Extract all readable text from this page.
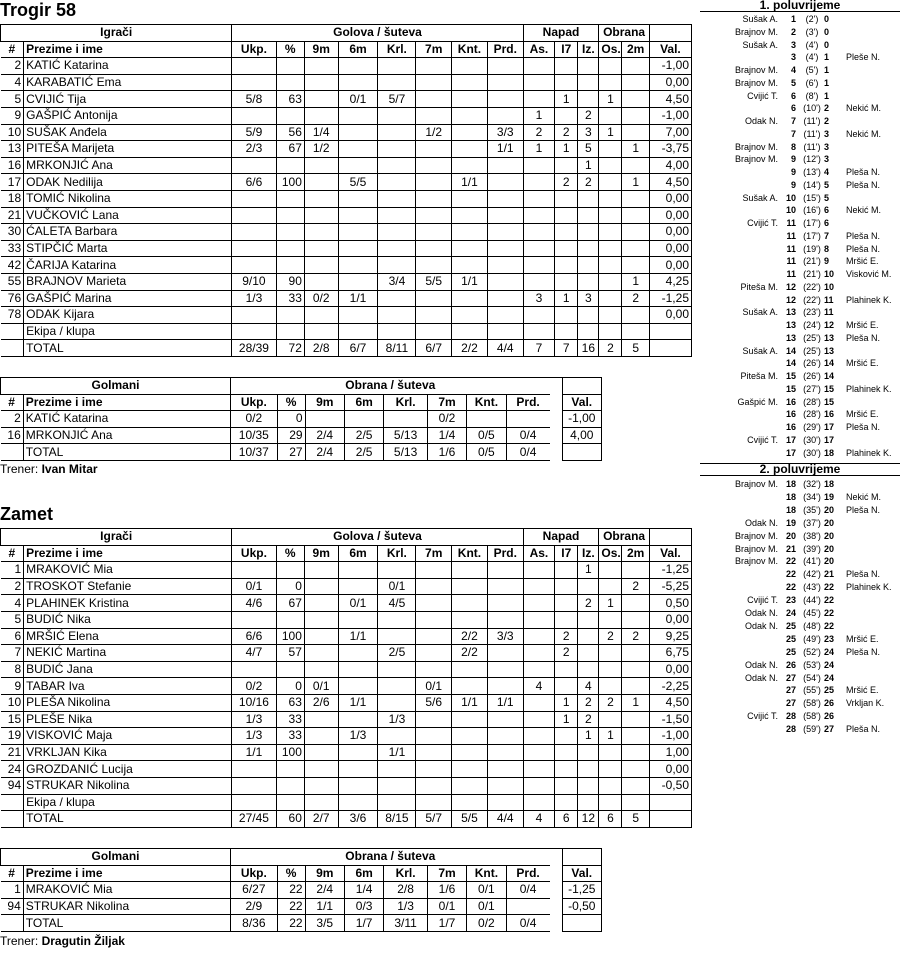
Trogir 58
Igrači		Golova / šuteva								Napad			Obrana		
#	Prezime i ime	Ukp.	%	9m	6m	Krl.	7m	Knt.	Prd.	As.	I7	Iz.	Os.	2m	Val.
2	KATIĆ Katarina														-1,00
4	KARABATIĆ Ema														0,00
5	CVIJIĆ Tija	5/8	63		0/1	5/7					1		1		4,50
9	GAŠPIĆ Antonija									1		2			-1,00
10	SUŠAK Anđela	5/9	56	1/4			1/2		3/3	2	2	3	1		7,00
13	PITEŠA Marijeta	2/3	67	1/2					1/1	1	1	5		1	-3,75
16	MRKONJIĆ Ana											1			4,00
17	ODAK Nedilija	6/6	100		5/5			1/1			2	2		1	4,50
18	TOMIĆ Nikolina														0,00
21	VUČKOVIĆ Lana														0,00
30	ĆALETA Barbara														0,00
33	STIPČIĆ Marta														0,00
42	ČARIJA Katarina														0,00
55	BRAJNOV Marieta	9/10	90			3/4	5/5	1/1						1	4,25
76	GAŠPIĆ Marina	1/3	33	0/2	1/1					3	1	3		2	-1,25
78	ODAK Kijara														0,00
	Ekipa / klupa														
	TOTAL	28/39	72	2/8	6/7	8/11	6/7	2/2	4/4	7	7	16	2	5	
Golmani		Obrana / šuteva									
#	Prezime i ime	Ukp.	%	9m	6m	Krl.	7m	Knt.	Prd.		Val.
2	KATIĆ Katarina	0/2	0				0/2				-1,00
16	MRKONJIĆ Ana	10/35	29	2/4	2/5	5/13	1/4	0/5	0/4		4,00
	TOTAL	10/37	27	2/4	2/5	5/13	1/6	0/5	0/4		
Trener: Ivan Mitar
Zamet
Igrači		Golova / šuteva								Napad			Obrana		
#	Prezime i ime	Ukp.	%	9m	6m	Krl.	7m	Knt.	Prd.	As.	I7	Iz.	Os.	2m	Val.
1	MRAKOVIĆ Mia											1			-1,25
2	TROSKOT Stefanie	0/1	0			0/1								2	-5,25
4	PLAHINEK Kristina	4/6	67		0/1	4/5						2	1		0,50
5	BUDIĆ Nika														0,00
6	MRŠIĆ Elena	6/6	100		1/1			2/2	3/3		2		2	2	9,25
7	NEKIĆ Martina	4/7	57			2/5		2/2			2				6,75
8	BUDIĆ Jana														0,00
9	TABAR Iva	0/2	0	0/1			0/1			4		4			-2,25
10	PLEŠA Nikolina	10/16	63	2/6	1/1		5/6	1/1	1/1		1	2	2	1	4,50
15	PLEŠE Nika	1/3	33			1/3					1	2			-1,50
19	VISKOVIĆ Maja	1/3	33		1/3							1	1		-1,00
21	VRKLJAN Kika	1/1	100			1/1									1,00
24	GROZDANIĆ Lucija														0,00
94	STRUKAR Nikolina														-0,50
	Ekipa / klupa														
	TOTAL	27/45	60	2/7	3/6	8/15	5/7	5/5	4/4	4	6	12	6	5	
Golmani		Obrana / šuteva									
#	Prezime i ime	Ukp.	%	9m	6m	Krl.	7m	Knt.	Prd.		Val.
1	MRAKOVIĆ Mia	6/27	22	2/4	1/4	2/8	1/6	0/1	0/4		-1,25
94	STRUKAR Nikolina	2/9	22	1/1	0/3	1/3	0/1	0/1			-0,50
	TOTAL	8/36	22	3/5	1/7	3/11	1/7	0/2	0/4		
Trener: Dragutin Žiljak
1. poluvrijeme
Sušak A.	1	(2') 0
Brajnov M.	2	(3') 0
Sušak A.	3	(4') 0
3	(4') 1	Pleše N.
Brajnov M.	4	(5') 1
Brajnov M.	5	(6') 1
Cvijić T.	6	(8') 1
6 (10') 2	Nekić M.
Odak N.	7 (11') 2
7 (11') 3	Nekić M.
Brajnov M.	8 (11') 3
Brajnov M.	9 (12') 3
9 (13') 4	Pleša N.
9 (14') 5	Pleša N.
Sušak A. 10 (15') 5
10 (16') 6	Nekić M.
Cvijić T. 11 (17') 6
11 (17') 7	Pleša N.
11 (19') 8	Pleša N.
11 (21') 9	Mršić E.
11 (21') 10	Visković M.
Piteša M. 12 (22') 10
12 (22') 11	Plahinek K.
Sušak A. 13 (23') 11
13 (24') 12	Mršić E.
13 (25') 13	Pleša N.
Sušak A. 14 (25') 13
14 (26') 14	Mršić E.
Piteša M. 15 (26') 14
15 (27') 15	Plahinek K.
Gašpić M. 16 (28') 15
16 (28') 16	Mršić E.
16 (29') 17	Pleša N.
Cvijić T. 17 (30') 17
17 (30') 18	Plahinek K.
2. poluvrijeme
Brajnov M. 18 (32') 18
18 (34') 19	Nekić M.
18 (35') 20	Pleša N.
Odak N. 19 (37') 20
Brajnov M. 20 (38') 20
Brajnov M. 21 (39') 20
Brajnov M. 22 (41') 20
22 (42') 21	Pleša N.
22 (43') 22	Plahinek K.
Cvijić T. 23 (44') 22
Odak N. 24 (45') 22
Odak N. 25 (48') 22
25 (49') 23	Mršić E.
25 (52') 24	Pleša N.
Odak N. 26 (53') 24
Odak N. 27 (54') 24
27 (55') 25	Mršić E.
27 (58') 26	Vrkljan K.
Cvijić T. 28 (58') 26
28 (59') 27	Pleša N.
